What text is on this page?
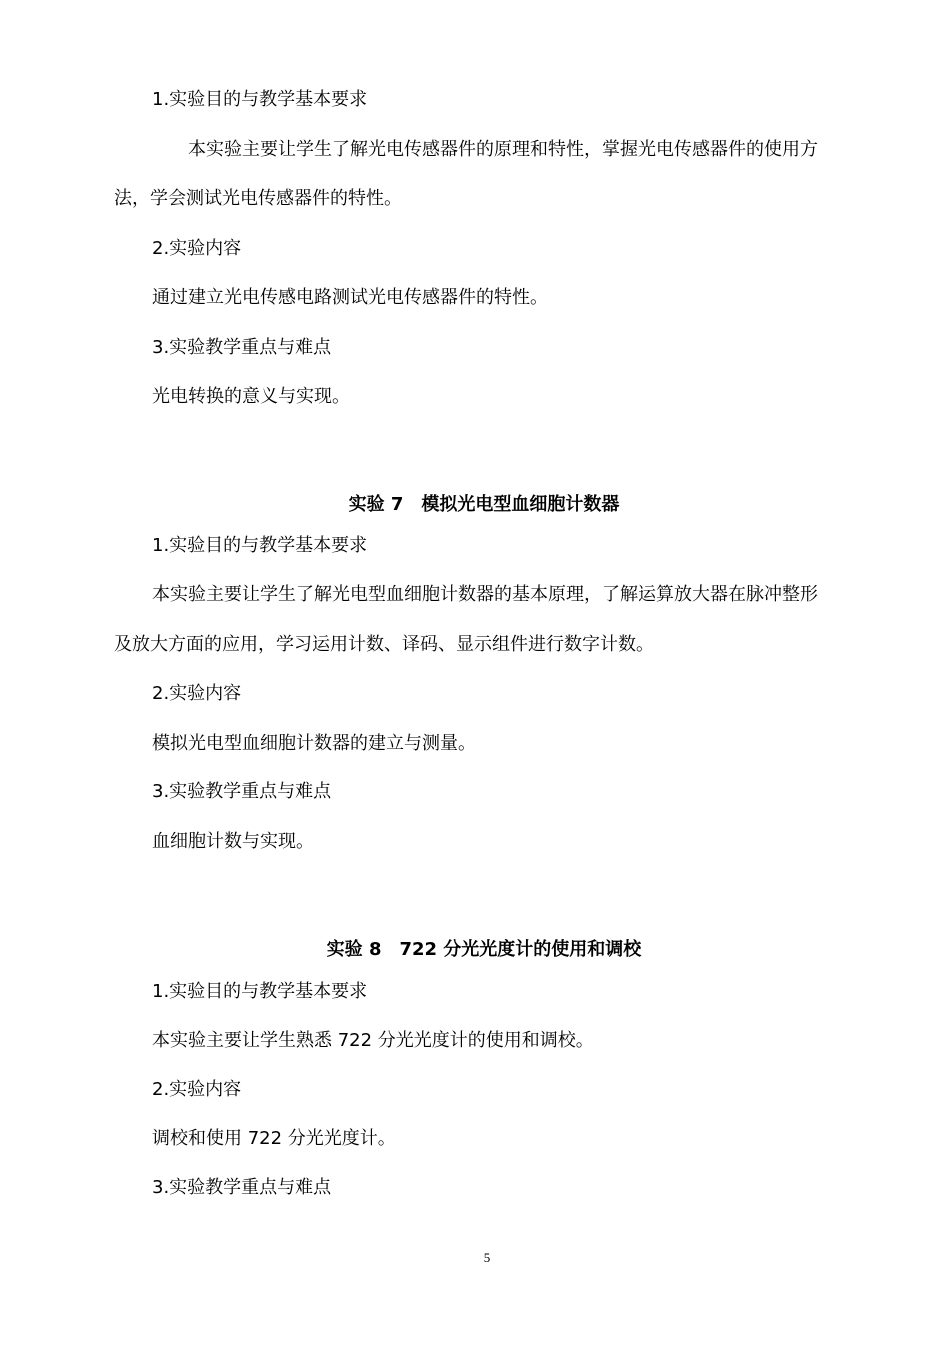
1.实验目的与教学基本要求
本实验主要让学生了解光电传感器件的原理和特性，掌握光电传感器件的使用方
法，学会测试光电传感器件的特性。
2.实验内容
通过建立光电传感电路测试光电传感器件的特性。
3.实验教学重点与难点
光电转换的意义与实现。
实验 7　模拟光电型血细胞计数器
1.实验目的与教学基本要求
本实验主要让学生了解光电型血细胞计数器的基本原理，了解运算放大器在脉冲整形
及放大方面的应用，学习运用计数、译码、显示组件进行数字计数。
2.实验内容
模拟光电型血细胞计数器的建立与测量。
3.实验教学重点与难点
血细胞计数与实现。
实验 8　722 分光光度计的使用和调校
1.实验目的与教学基本要求
本实验主要让学生熟悉 722 分光光度计的使用和调校。
2.实验内容
调校和使用 722 分光光度计。
3.实验教学重点与难点
5
